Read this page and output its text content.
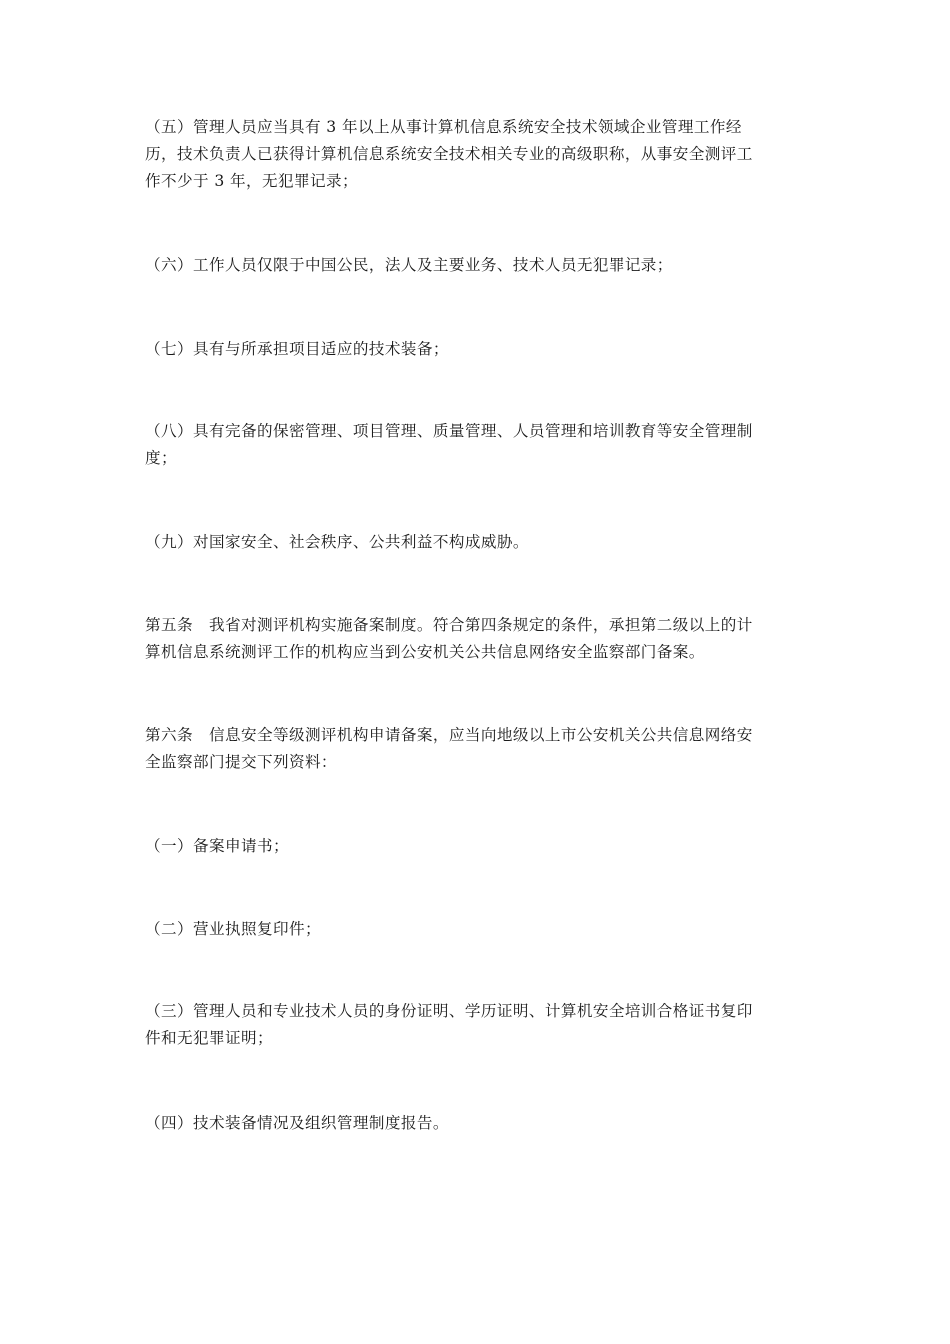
（五）管理人员应当具有 3 年以上从事计算机信息系统安全技术领域企业管理工作经
历，技术负责人已获得计算机信息系统安全技术相关专业的高级职称，从事安全测评工
作不少于 3 年，无犯罪记录；
（六）工作人员仅限于中国公民，法人及主要业务、技术人员无犯罪记录；
（七）具有与所承担项目适应的技术装备；
（八）具有完备的保密管理、项目管理、质量管理、人员管理和培训教育等安全管理制
度；
（九）对国家安全、社会秩序、公共利益不构成威胁。
第五条　我省对测评机构实施备案制度。符合第四条规定的条件，承担第二级以上的计
算机信息系统测评工作的机构应当到公安机关公共信息网络安全监察部门备案。
第六条　信息安全等级测评机构申请备案，应当向地级以上市公安机关公共信息网络安
全监察部门提交下列资料：
（一）备案申请书；
（二）营业执照复印件；
（三）管理人员和专业技术人员的身份证明、学历证明、计算机安全培训合格证书复印
件和无犯罪证明；
（四）技术装备情况及组织管理制度报告。
